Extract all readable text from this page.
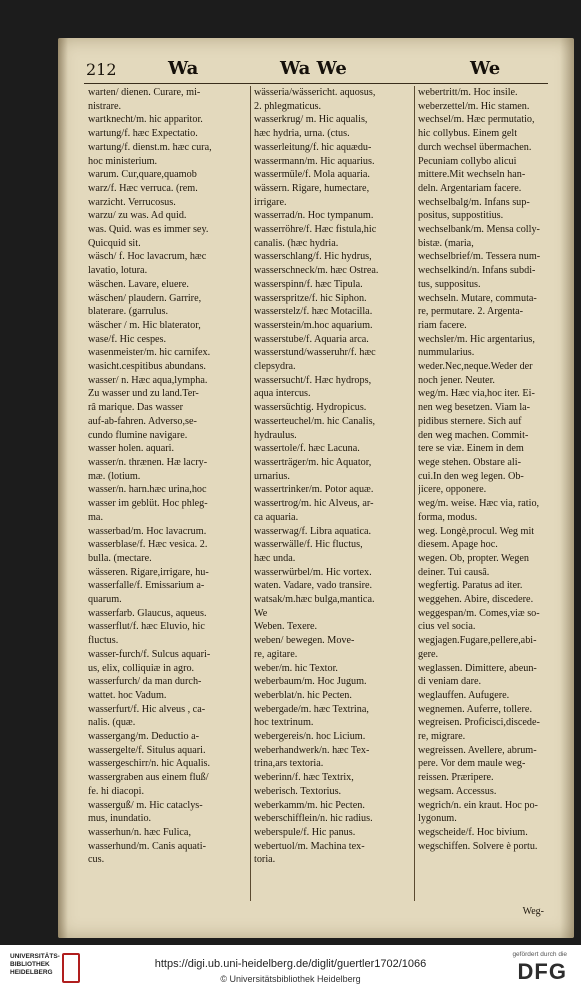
212	Wa	Wa We	We
warten/ dienen. Curare, mi-
nistrare.
wartknecht/m. hic apparitor.
wartung/f. hæc Expectatio.
wartung/f. dienst.m. hæc cura,
hoc ministerium.
warum. Cur,quare,quamob
warz/f. Hæc verruca. (rem.
warzicht. Verrucosus.
warzu/ zu was. Ad quid.
was. Quid. was es immer sey.
Quicquid sit.
wäsch/ f. Hoc lavacrum, hæc
lavatio, lotura.
wäschen. Lavare, eluere.
wäschen/ plaudern. Garrire,
blaterare. (garrulus.
wäscher / m. Hic blaterator,
wase/f. Hic cespes.
wasenmeister/m. hic carnifex.
wasicht.cespitibus abundans.
wasser/ n. Hæc aqua,lympha.
Zu wasser und zu land.Ter-
râ marique. Das wasser
auf-ab-fahren. Adverso,se-
cundo flumine navigare.
wasser holen. aquari.
wasser/n. thrænen. Hæ lacry-
mæ. (lotium.
wasser/n. harn.hæc urina,hoc
wasser im geblüt. Hoc phleg-
ma.
wasserbad/m. Hoc lavacrum.
wasserblase/f. Hæc vesica. 2.
bulla. (mectare.
wässeren. Rigare,irrigare, hu-
wasserfalle/f. Emissarium a-
quarum.
wasserfarb. Glaucus, aqueus.
wasserflut/f. hæc Eluvio, hic
fluctus.
wasser-furch/f. Sulcus aquari-
us, elix, colliquiæ in agro.
wasserfurch/ da man durch-
wattet. hoc Vadum.
wasserfurt/f. Hic alveus , ca-
nalis. (quæ.
wassergang/m. Deductio a-
wassergelte/f. Situlus aquari.
wassergeschirr/n. hic Aqualis.
wassergraben aus einem fluß/
fe. hi diacopi.
wasserguß/ m. Hic cataclys-
mus, inundatio.
wasserhun/n. hæc Fulica,
wasserhund/m. Canis aquati-
cus.
wässeria/wässericht. aquosus,
2. phlegmaticus.
wasserkrug/ m. Hic aqualis,
hæc hydria, urna. (ctus.
wasserleitung/f. hic aquædu-
wassermann/m. Hic aquarius.
wassermüle/f. Mola aquaria.
wässern. Rigare, humectare,
irrigare.
wasserrad/n. Hoc tympanum.
wasserröhre/f. Hæc fistula,hic
canalis. (hæc hydria.
wasserschlang/f. Hic hydrus,
wasserschneck/m. hæc Ostrea.
wasserspinn/f. hæc Tipula.
wasserspritze/f. hic Siphon.
wasserstelz/f. hæc Motacilla.
wasserstein/m.hoc aquarium.
wasserstube/f. Aquaria arca.
wasserstund/wasseruhr/f. hæc
clepsydra.
wassersucht/f. Hæc hydrops,
aqua intercus.
wassersüchtig. Hydropicus.
wasserteuchel/m. hic Canalis,
hydraulus.
wassertole/f. hæc Lacuna.
wasserträger/m. hic Aquator,
urnarius.
wassertrinker/m. Potor aquæ.
wassertrog/m. hic Alveus, ar-
ca aquaria.
wasserwag/f. Libra aquatica.
wasserwälle/f. Hic fluctus,
hæc unda.
wasserwürbel/m. Hic vortex.
waten. Vadare, vado transire.
watsak/m.hæc bulga,mantica.
We
Weben. Texere.
weben/ bewegen. Move-
re, agitare.
weber/m. hic Textor.
weberbaum/m. Hoc Jugum.
weberblat/n. hic Pecten.
webergade/m. hæc Textrina,
hoc textrinum.
webergereis/n. hoc Licium.
weberhandwerk/n. hæc Tex-
trina,ars textoria.
weberinn/f. hæc Textrix,
weberisch. Textorius.
weberkamm/m. hic Pecten.
weberschifflein/n. hic radius.
weberspule/f. Hic panus.
webertuol/m. Machina tex-
toria.
webertritt/m. Hoc insile.
weberzettel/m. Hic stamen.
wechsel/m. Hæc permutatio,
hic collybus. Einem gelt
durch wechsel übermachen.
Pecuniam collybo alicui
mittere.Mit wechseln han-
deln. Argentariam facere.
wechselbalg/m. Infans sup-
positus, suppostitius.
wechselbank/m. Mensa colly-
bistæ. (maria,
wechselbrief/m. Tessera num-
wechselkind/n. Infans subdi-
tus, suppositus.
wechseln. Mutare, commuta-
re, permutare. 2. Argenta-
riam facere.
wechsler/m. Hic argentarius,
nummularius.
weder.Nec,neque.Weder der
noch jener. Neuter.
weg/m. Hæc via,hoc iter. Ei-
nen weg besetzen. Viam la-
pidibus sternere. Sich auf
den weg machen. Commit-
tere se viæ. Einem in dem
wege stehen. Obstare ali-
cui.In den weg legen. Ob-
jicere, opponere.
weg/m. weise. Hæc via, ratio,
forma, modus.
weg. Longè,procul. Weg mit
diesem. Apage hoc.
wegen. Ob, propter. Wegen
deiner. Tui causâ.
wegfertig. Paratus ad iter.
weggehen. Abire, discedere.
weggespan/m. Comes,viæ so-
cius vel socia.
wegjagen.Fugare,pellere,abi-
gere.
weglassen. Dimittere, abeun-
di veniam dare.
weglauffen. Aufugere.
wegnemen. Auferre, tollere.
wegreisen. Proficisci,discede-
re, migrare.
wegreissen. Avellere, abrum-
pere. Vor dem maule weg-
reissen. Præripere.
wegsam. Accessus.
wegrich/n. ein kraut. Hoc po-
lygonum.
wegscheide/f. Hoc bivium.
wegschiffen. Solvere è portu.
Weg-
UNIVERSITÄTS-
BIBLIOTHEK
HEIDELBERG
https://digi.ub.uni-heidelberg.de/diglit/guertler1702/1066
© Universitätsbibliothek Heidelberg
gefördert durch die
DFG
